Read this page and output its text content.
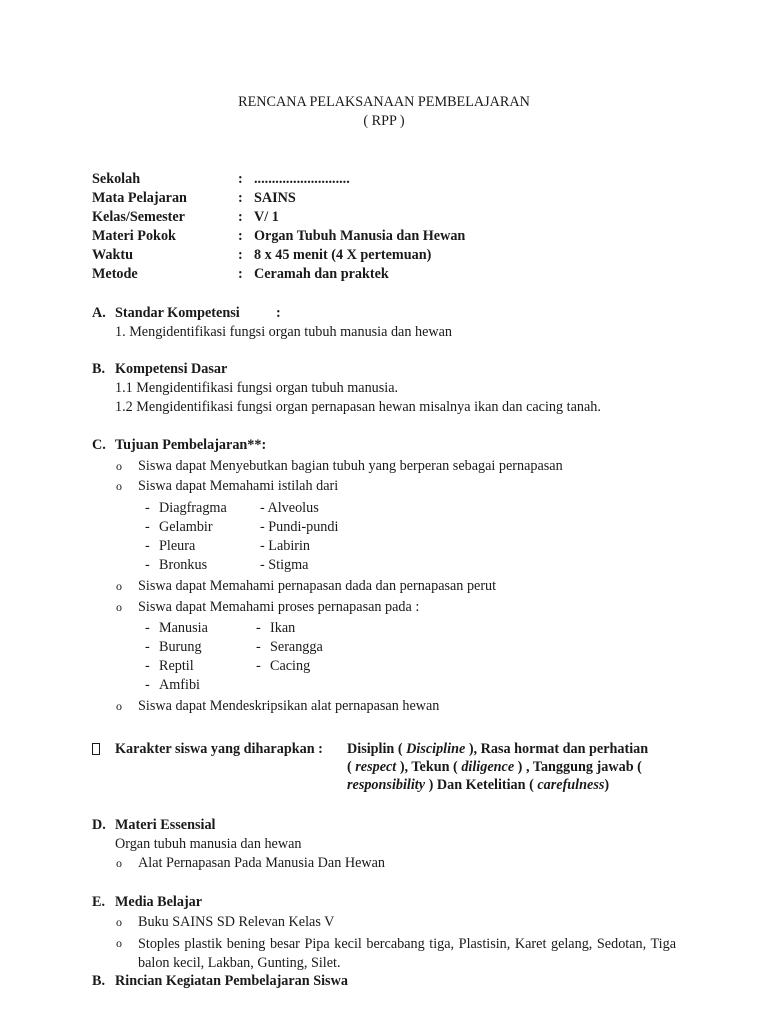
RENCANA PELAKSANAAN PEMBELAJARAN
( RPP )
Sekolah	: ...........................
Mata Pelajaran	: SAINS
Kelas/Semester	: V/ 1
Materi Pokok	: Organ Tubuh Manusia dan Hewan
Waktu	: 8 x 45 menit (4 X pertemuan)
Metode	: Ceramah dan praktek
A. Standar Kompetensi	:
1. Mengidentifikasi fungsi organ tubuh manusia dan hewan
B. Kompetensi Dasar
1.1 Mengidentifikasi fungsi organ tubuh manusia.
1.2 Mengidentifikasi fungsi organ pernapasan hewan misalnya ikan dan cacing tanah.
C. Tujuan Pembelajaran**:
o Siswa dapat Menyebutkan bagian tubuh yang berperan sebagai pernapasan
o Siswa dapat Memahami istilah dari
- Diagfragma - Alveolus
- Gelambir	- Pundi-pundi
- Pleura	- Labirin
- Bronkus	- Stigma
o Siswa dapat Memahami pernapasan dada dan pernapasan perut
o Siswa dapat Memahami proses pernapasan pada :
- Manusia	- Ikan
- Burung	- Serangga
- Reptil	- Cacing
- Amfibi
o Siswa dapat Mendeskripsikan alat pernapasan hewan
Karakter siswa yang diharapkan : Disiplin ( Discipline ), Rasa hormat dan perhatian
( respect ), Tekun ( diligence ) , Tanggung jawab (
responsibility ) Dan Ketelitian ( carefulness)
D. Materi Essensial
Organ tubuh manusia dan hewan
o Alat Pernapasan Pada Manusia Dan Hewan
E. Media Belajar
o Buku SAINS SD Relevan Kelas V
o Stoples plastik bening besar Pipa kecil bercabang tiga, Plastisin, Karet gelang, Sedotan, Tiga balon kecil, Lakban, Gunting, Silet.
B. Rincian Kegiatan Pembelajaran Siswa
